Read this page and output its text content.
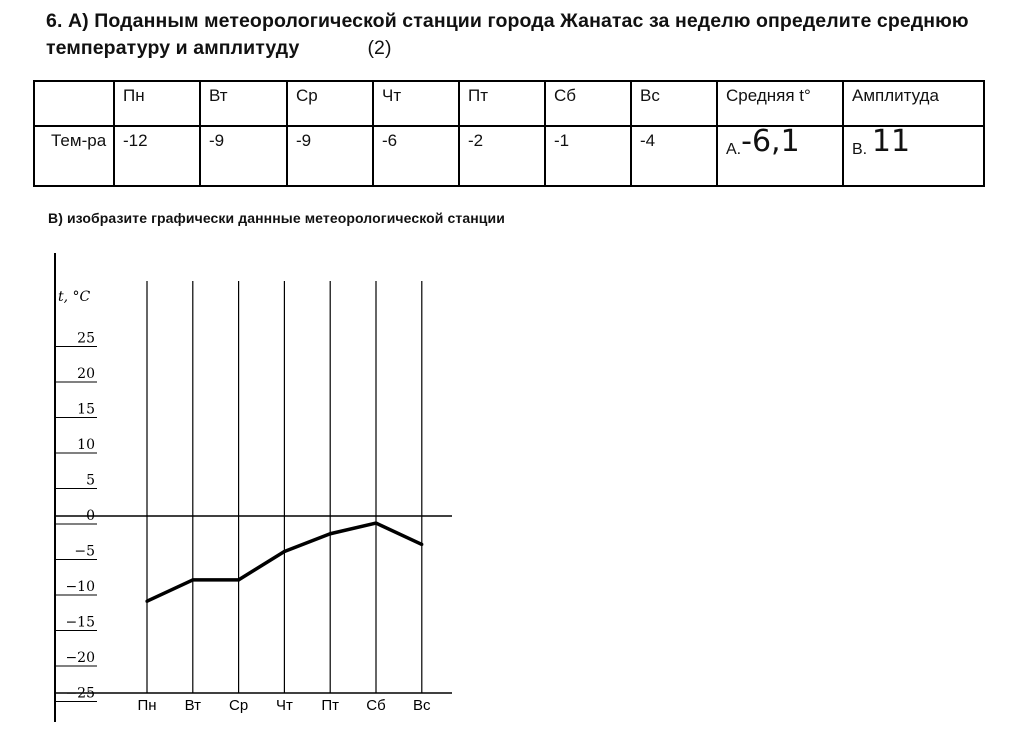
6. А) Поданным метеорологической станции города Жанатас за неделю определите среднюю температуру и амплитуду	(2)
	Пн	Вт	Ср	Чт	Пт	Сб	Вс	Средняя t°	Амплитуда
Тем-ра	-12	-9	-9	-6	-2	-1	-4	А.-6,1	В. 11
В) изобразите графически даннные метеорологической станции
25
20
15
10
5
0
−5
−10
−15
−20
−25
Пн Вт Ср Чт Пт Сб Вс
t, °C
